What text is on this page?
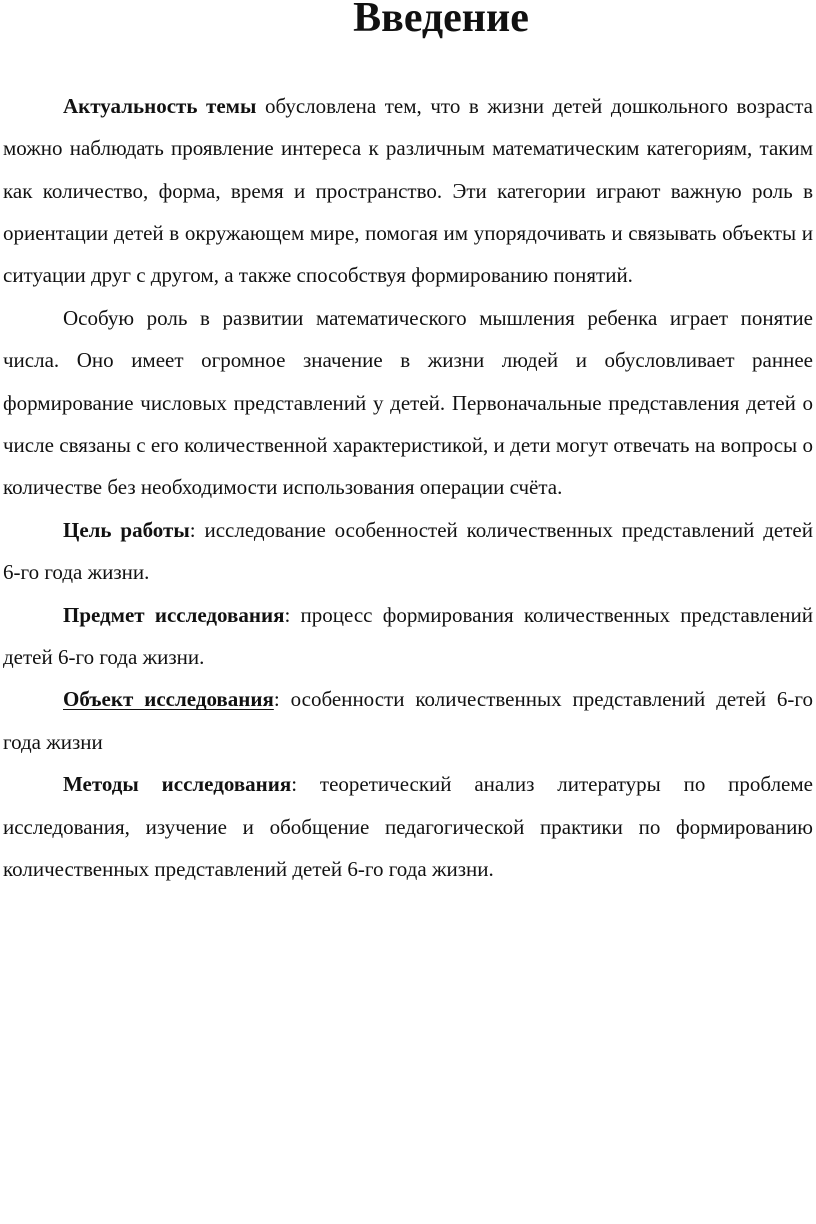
Введение

Актуальность темы обусловлена тем, что в жизни детей дошкольного возраста можно наблюдать проявление интереса к различным математическим категориям, таким как количество, форма, время и пространство. Эти категории играют важную роль в ориентации детей в окружающем мире, помогая им упорядочивать и связывать объекты и ситуации друг с другом, а также способствуя формированию понятий.

Особую роль в развитии математического мышления ребенка играет понятие числа. Оно имеет огромное значение в жизни людей и обусловливает раннее формирование числовых представлений у детей. Первоначальные представления детей о числе связаны с его количественной характеристикой, и дети могут отвечать на вопросы о количестве без необходимости использования операции счёта.

Цель работы: исследование особенностей количественных представлений детей 6-го года жизни.

Предмет исследования: процесс формирования количественных представлений детей 6-го года жизни.

Объект исследования: особенности количественных представлений детей 6-го года жизни

Методы исследования: теоретический анализ литературы по проблеме исследования, изучение и обобщение педагогической практики по формированию количественных представлений детей 6-го года жизни.
